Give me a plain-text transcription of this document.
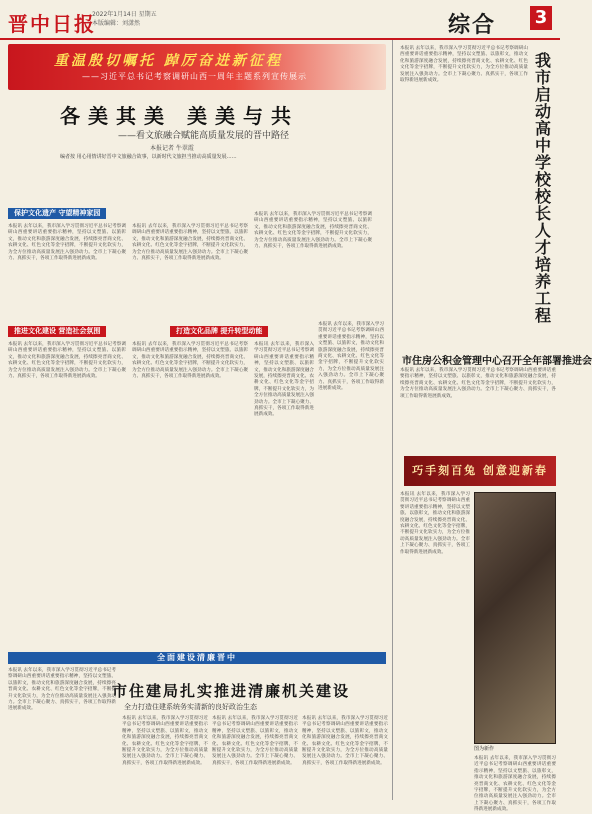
晋中日报
2022年1月14日 星期五
本版编辑：刘潇然	综合 3
重温殷切嘱托 踔厉奋进新征程
——习近平总书记考察调研山西一周年主题系列宣传展示
各美其美 美美与共
——看文旅融合赋能高质量发展的晋中路径
本报记者 牛翠霞
编者按 用心用情讲好晋中文旅融合故事，以新时代文旅担当推动高质量发展……
保护文化遗产 守望精神家园
本报讯 去年以来，我市深入学习贯彻习近平总书记考察调研山西重要讲话重要指示精神，坚持以文塑旅、以旅彰文，推动文化和旅游深度融合发展，持续擦亮晋商文化、农耕文化、红色文化等金字招牌，不断提升文化软实力，为全方位推动高质量发展注入强劲动力。全市上下凝心聚力、真抓实干，各项工作取得新进展新成效。
本报讯 去年以来，我市深入学习贯彻习近平总书记考察调研山西重要讲话重要指示精神，坚持以文塑旅、以旅彰文，推动文化和旅游深度融合发展，持续擦亮晋商文化、农耕文化、红色文化等金字招牌，不断提升文化软实力，为全方位推动高质量发展注入强劲动力。全市上下凝心聚力、真抓实干，各项工作取得新进展新成效。
本报讯 去年以来，我市深入学习贯彻习近平总书记考察调研山西重要讲话重要指示精神，坚持以文塑旅、以旅彰文，推动文化和旅游深度融合发展，持续擦亮晋商文化、农耕文化、红色文化等金字招牌，不断提升文化软实力，为全方位推动高质量发展注入强劲动力。全市上下凝心聚力、真抓实干，各项工作取得新进展新成效。
推进文化建设 营造社会氛围
本报讯 去年以来，我市深入学习贯彻习近平总书记考察调研山西重要讲话重要指示精神，坚持以文塑旅、以旅彰文，推动文化和旅游深度融合发展，持续擦亮晋商文化、农耕文化、红色文化等金字招牌，不断提升文化软实力，为全方位推动高质量发展注入强劲动力。全市上下凝心聚力、真抓实干，各项工作取得新进展新成效。
本报讯 去年以来，我市深入学习贯彻习近平总书记考察调研山西重要讲话重要指示精神，坚持以文塑旅、以旅彰文，推动文化和旅游深度融合发展，持续擦亮晋商文化、农耕文化、红色文化等金字招牌，不断提升文化软实力，为全方位推动高质量发展注入强劲动力。全市上下凝心聚力、真抓实干，各项工作取得新进展新成效。
打造文化品牌 提升转型动能
本报讯 去年以来，我市深入学习贯彻习近平总书记考察调研山西重要讲话重要指示精神，坚持以文塑旅、以旅彰文，推动文化和旅游深度融合发展，持续擦亮晋商文化、农耕文化、红色文化等金字招牌，不断提升文化软实力，为全方位推动高质量发展注入强劲动力。全市上下凝心聚力、真抓实干，各项工作取得新进展新成效。
本报讯 去年以来，我市深入学习贯彻习近平总书记考察调研山西重要讲话重要指示精神，坚持以文塑旅、以旅彰文，推动文化和旅游深度融合发展，持续擦亮晋商文化、农耕文化、红色文化等金字招牌，不断提升文化软实力，为全方位推动高质量发展注入强劲动力。全市上下凝心聚力、真抓实干，各项工作取得新进展新成效。
本报讯 去年以来，我市深入学习贯彻习近平总书记考察调研山西重要讲话重要指示精神，坚持以文塑旅、以旅彰文，推动文化和旅游深度融合发展，持续擦亮晋商文化、农耕文化、红色文化等金字招牌，不断提升文化软实力，为全方位推动高质量发展注入强劲动力。全市上下凝心聚力、真抓实干，各项工作取得新进展新成效。
我市启动高中学校校长人才培养工程
市住房公积金管理中心召开全年部署推进会
本报讯 去年以来，我市深入学习贯彻习近平总书记考察调研山西重要讲话重要指示精神，坚持以文塑旅、以旅彰文，推动文化和旅游深度融合发展，持续擦亮晋商文化、农耕文化、红色文化等金字招牌，不断提升文化软实力，为全方位推动高质量发展注入强劲动力。全市上下凝心聚力、真抓实干，各项工作取得新进展新成效。
巧手刻百兔 创意迎新春
本报讯 去年以来，我市深入学习贯彻习近平总书记考察调研山西重要讲话重要指示精神，坚持以文塑旅、以旅彰文，推动文化和旅游深度融合发展，持续擦亮晋商文化、农耕文化、红色文化等金字招牌，不断提升文化软实力，为全方位推动高质量发展注入强劲动力。全市上下凝心聚力、真抓实干，各项工作取得新进展新成效。
图为新作
本报讯 去年以来，我市深入学习贯彻习近平总书记考察调研山西重要讲话重要指示精神，坚持以文塑旅、以旅彰文，推动文化和旅游深度融合发展，持续擦亮晋商文化、农耕文化、红色文化等金字招牌，不断提升文化软实力，为全方位推动高质量发展注入强劲动力。全市上下凝心聚力、真抓实干，各项工作取得新进展新成效。
全面建设清廉晋中
市住建局扎实推进清廉机关建设
全力打造住建系统务实清新的良好政治生态
本报讯 去年以来，我市深入学习贯彻习近平总书记考察调研山西重要讲话重要指示精神，坚持以文塑旅、以旅彰文，推动文化和旅游深度融合发展，持续擦亮晋商文化、农耕文化、红色文化等金字招牌，不断提升文化软实力，为全方位推动高质量发展注入强劲动力。全市上下凝心聚力、真抓实干，各项工作取得新进展新成效。
本报讯 去年以来，我市深入学习贯彻习近平总书记考察调研山西重要讲话重要指示精神，坚持以文塑旅、以旅彰文，推动文化和旅游深度融合发展，持续擦亮晋商文化、农耕文化、红色文化等金字招牌，不断提升文化软实力，为全方位推动高质量发展注入强劲动力。全市上下凝心聚力、真抓实干，各项工作取得新进展新成效。
本报讯 去年以来，我市深入学习贯彻习近平总书记考察调研山西重要讲话重要指示精神，坚持以文塑旅、以旅彰文，推动文化和旅游深度融合发展，持续擦亮晋商文化、农耕文化、红色文化等金字招牌，不断提升文化软实力，为全方位推动高质量发展注入强劲动力。全市上下凝心聚力、真抓实干，各项工作取得新进展新成效。
本报讯 去年以来，我市深入学习贯彻习近平总书记考察调研山西重要讲话重要指示精神，坚持以文塑旅、以旅彰文，推动文化和旅游深度融合发展，持续擦亮晋商文化、农耕文化、红色文化等金字招牌，不断提升文化软实力，为全方位推动高质量发展注入强劲动力。全市上下凝心聚力、真抓实干，各项工作取得新进展新成效。
